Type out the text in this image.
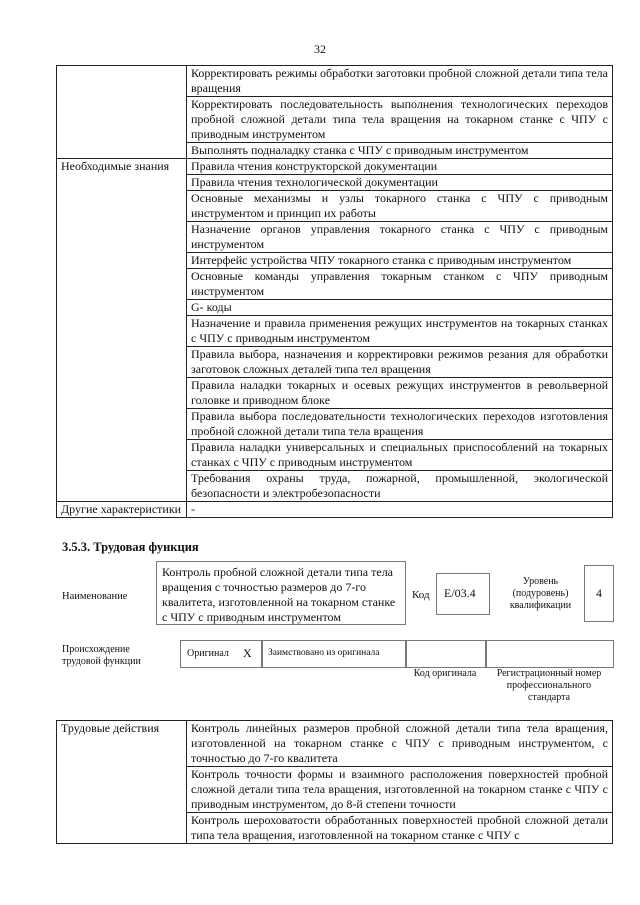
32
	Корректировать режимы обработки заготовки пробной сложной детали типа тела вращения
	Корректировать последовательность выполнения технологических переходов пробной сложной детали типа тела вращения на токарном станке с ЧПУ с приводным инструментом
	Выполнять подналадку станка с ЧПУ с приводным инструментом
Необходимые знания	Правила чтения конструкторской документации
	Правила чтения технологической документации
	Основные механизмы и узлы токарного станка с ЧПУ с приводным инструментом и принцип их работы
	Назначение органов управления токарного станка с ЧПУ с приводным инструментом
	Интерфейс устройства ЧПУ токарного станка с приводным инструментом
	Основные команды управления токарным станком с ЧПУ приводным инструментом
	G- коды
	Назначение и правила применения режущих инструментов на токарных станках с ЧПУ с приводным инструментом
	Правила выбора, назначения и корректировки режимов резания для обработки заготовок сложных деталей типа тел вращения
	Правила наладки токарных и осевых режущих инструментов в револьверной головке и приводном блоке
	Правила выбора последовательности технологических переходов изготовления пробной сложной детали типа тела вращения
	Правила наладки универсальных и специальных приспособлений на токарных станках с ЧПУ с приводным инструментом
	Требования охраны труда, пожарной, промышленной, экологической безопасности и электробезопасности
Другие характеристики	-
3.5.3. Трудовая функция
Наименование
Контроль пробной сложной детали типа тела вращения с точностью размеров до 7-го квалитета, изготовленной на токарном станке с ЧПУ с приводным инструментом
Код E/03.4
Уровень (подуровень) квалификации
4
Происхождение трудовой функции
Оригинал X Заимствовано из оригинала
Код оригинала	Регистрационный номер профессионального стандарта
Трудовые действия	Контроль линейных размеров пробной сложной детали типа тела вращения, изготовленной на токарном станке с ЧПУ с приводным инструментом, с точностью до 7-го квалитета
Контроль точности формы и взаимного расположения поверхностей пробной сложной детали типа тела вращения, изготовленной на токарном станке с ЧПУ с приводным инструментом, до 8-й степени точности
Контроль шероховатости обработанных поверхностей пробной сложной детали типа тела вращения, изготовленной на токарном станке с ЧПУ с
